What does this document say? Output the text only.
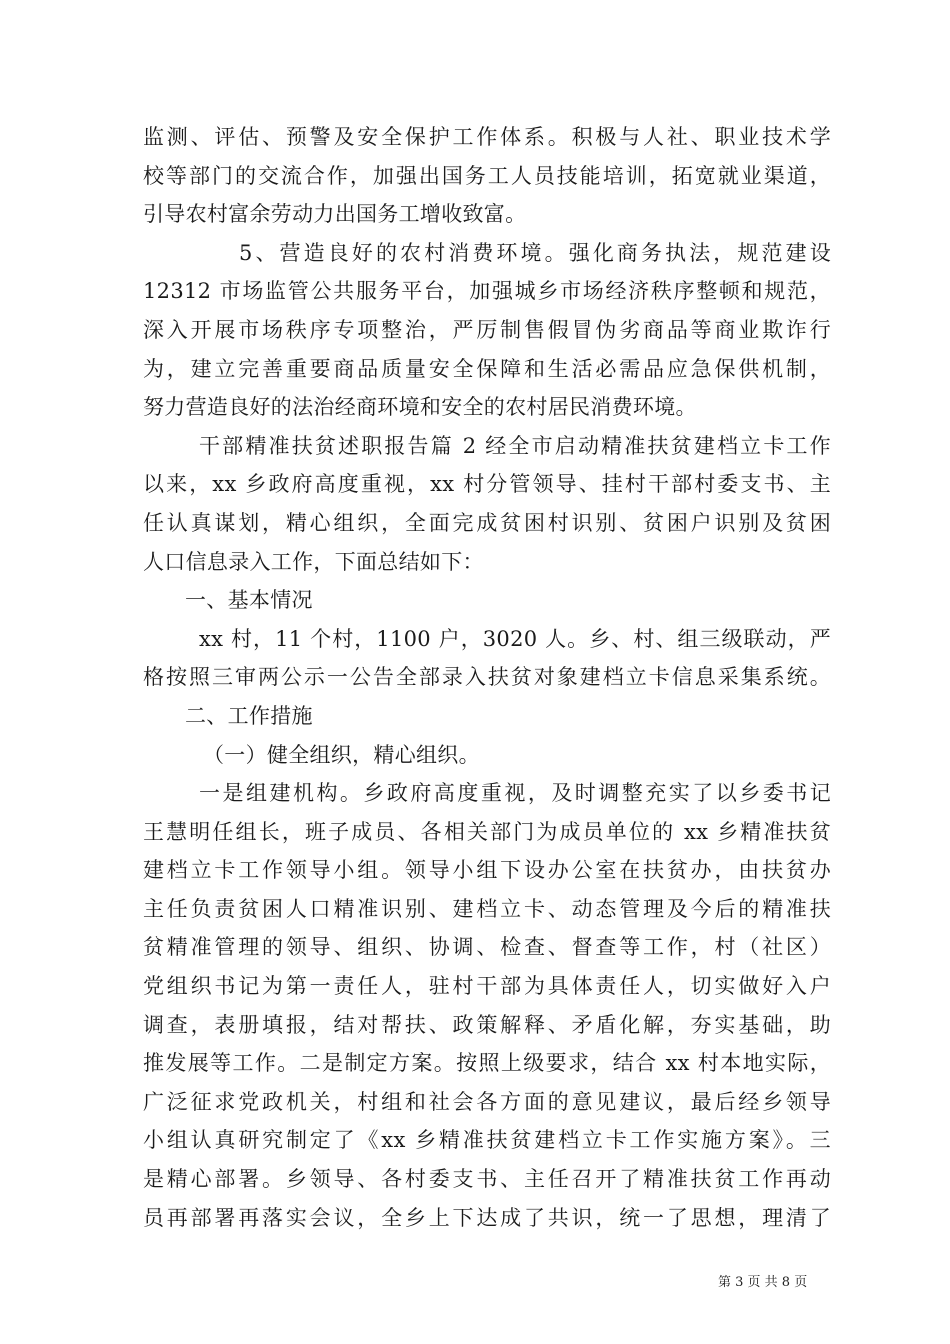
监测、评估、预警及安全保护工作体系。积极与人社、职业技术学
校等部门的交流合作，加强出国务工人员技能培训，拓宽就业渠道，
引导农村富余劳动力出国务工增收致富。
5、营造良好的农村消费环境。强化商务执法，规范建设
12312 市场监管公共服务平台，加强城乡市场经济秩序整顿和规范，
深入开展市场秩序专项整治，严厉制售假冒伪劣商品等商业欺诈行
为，建立完善重要商品质量安全保障和生活必需品应急保供机制，
努力营造良好的法治经商环境和安全的农村居民消费环境。
干部精准扶贫述职报告篇 2 经全市启动精准扶贫建档立卡工作
以来，xx 乡政府高度重视，xx 村分管领导、挂村干部村委支书、主
任认真谋划，精心组织，全面完成贫困村识别、贫困户识别及贫困
人口信息录入工作，下面总结如下：
一、基本情况
xx 村，11 个村，1100 户，3020 人。乡、村、组三级联动，严
格按照三审两公示一公告全部录入扶贫对象建档立卡信息采集系统。
二、工作措施
（一）健全组织，精心组织。
一是组建机构。乡政府高度重视，及时调整充实了以乡委书记
王慧明任组长，班子成员、各相关部门为成员单位的 xx 乡精准扶贫
建档立卡工作领导小组。领导小组下设办公室在扶贫办，由扶贫办
主任负责贫困人口精准识别、建档立卡、动态管理及今后的精准扶
贫精准管理的领导、组织、协调、检查、督查等工作，村（社区）
党组织书记为第一责任人，驻村干部为具体责任人，切实做好入户
调查，表册填报，结对帮扶、政策解释、矛盾化解，夯实基础，助
推发展等工作。二是制定方案。按照上级要求，结合 xx 村本地实际，
广泛征求党政机关，村组和社会各方面的意见建议，最后经乡领导
小组认真研究制定了《xx 乡精准扶贫建档立卡工作实施方案》。三
是精心部署。乡领导、各村委支书、主任召开了精准扶贫工作再动
员再部署再落实会议，全乡上下达成了共识，统一了思想，理清了
第 3 页 共 8 页
